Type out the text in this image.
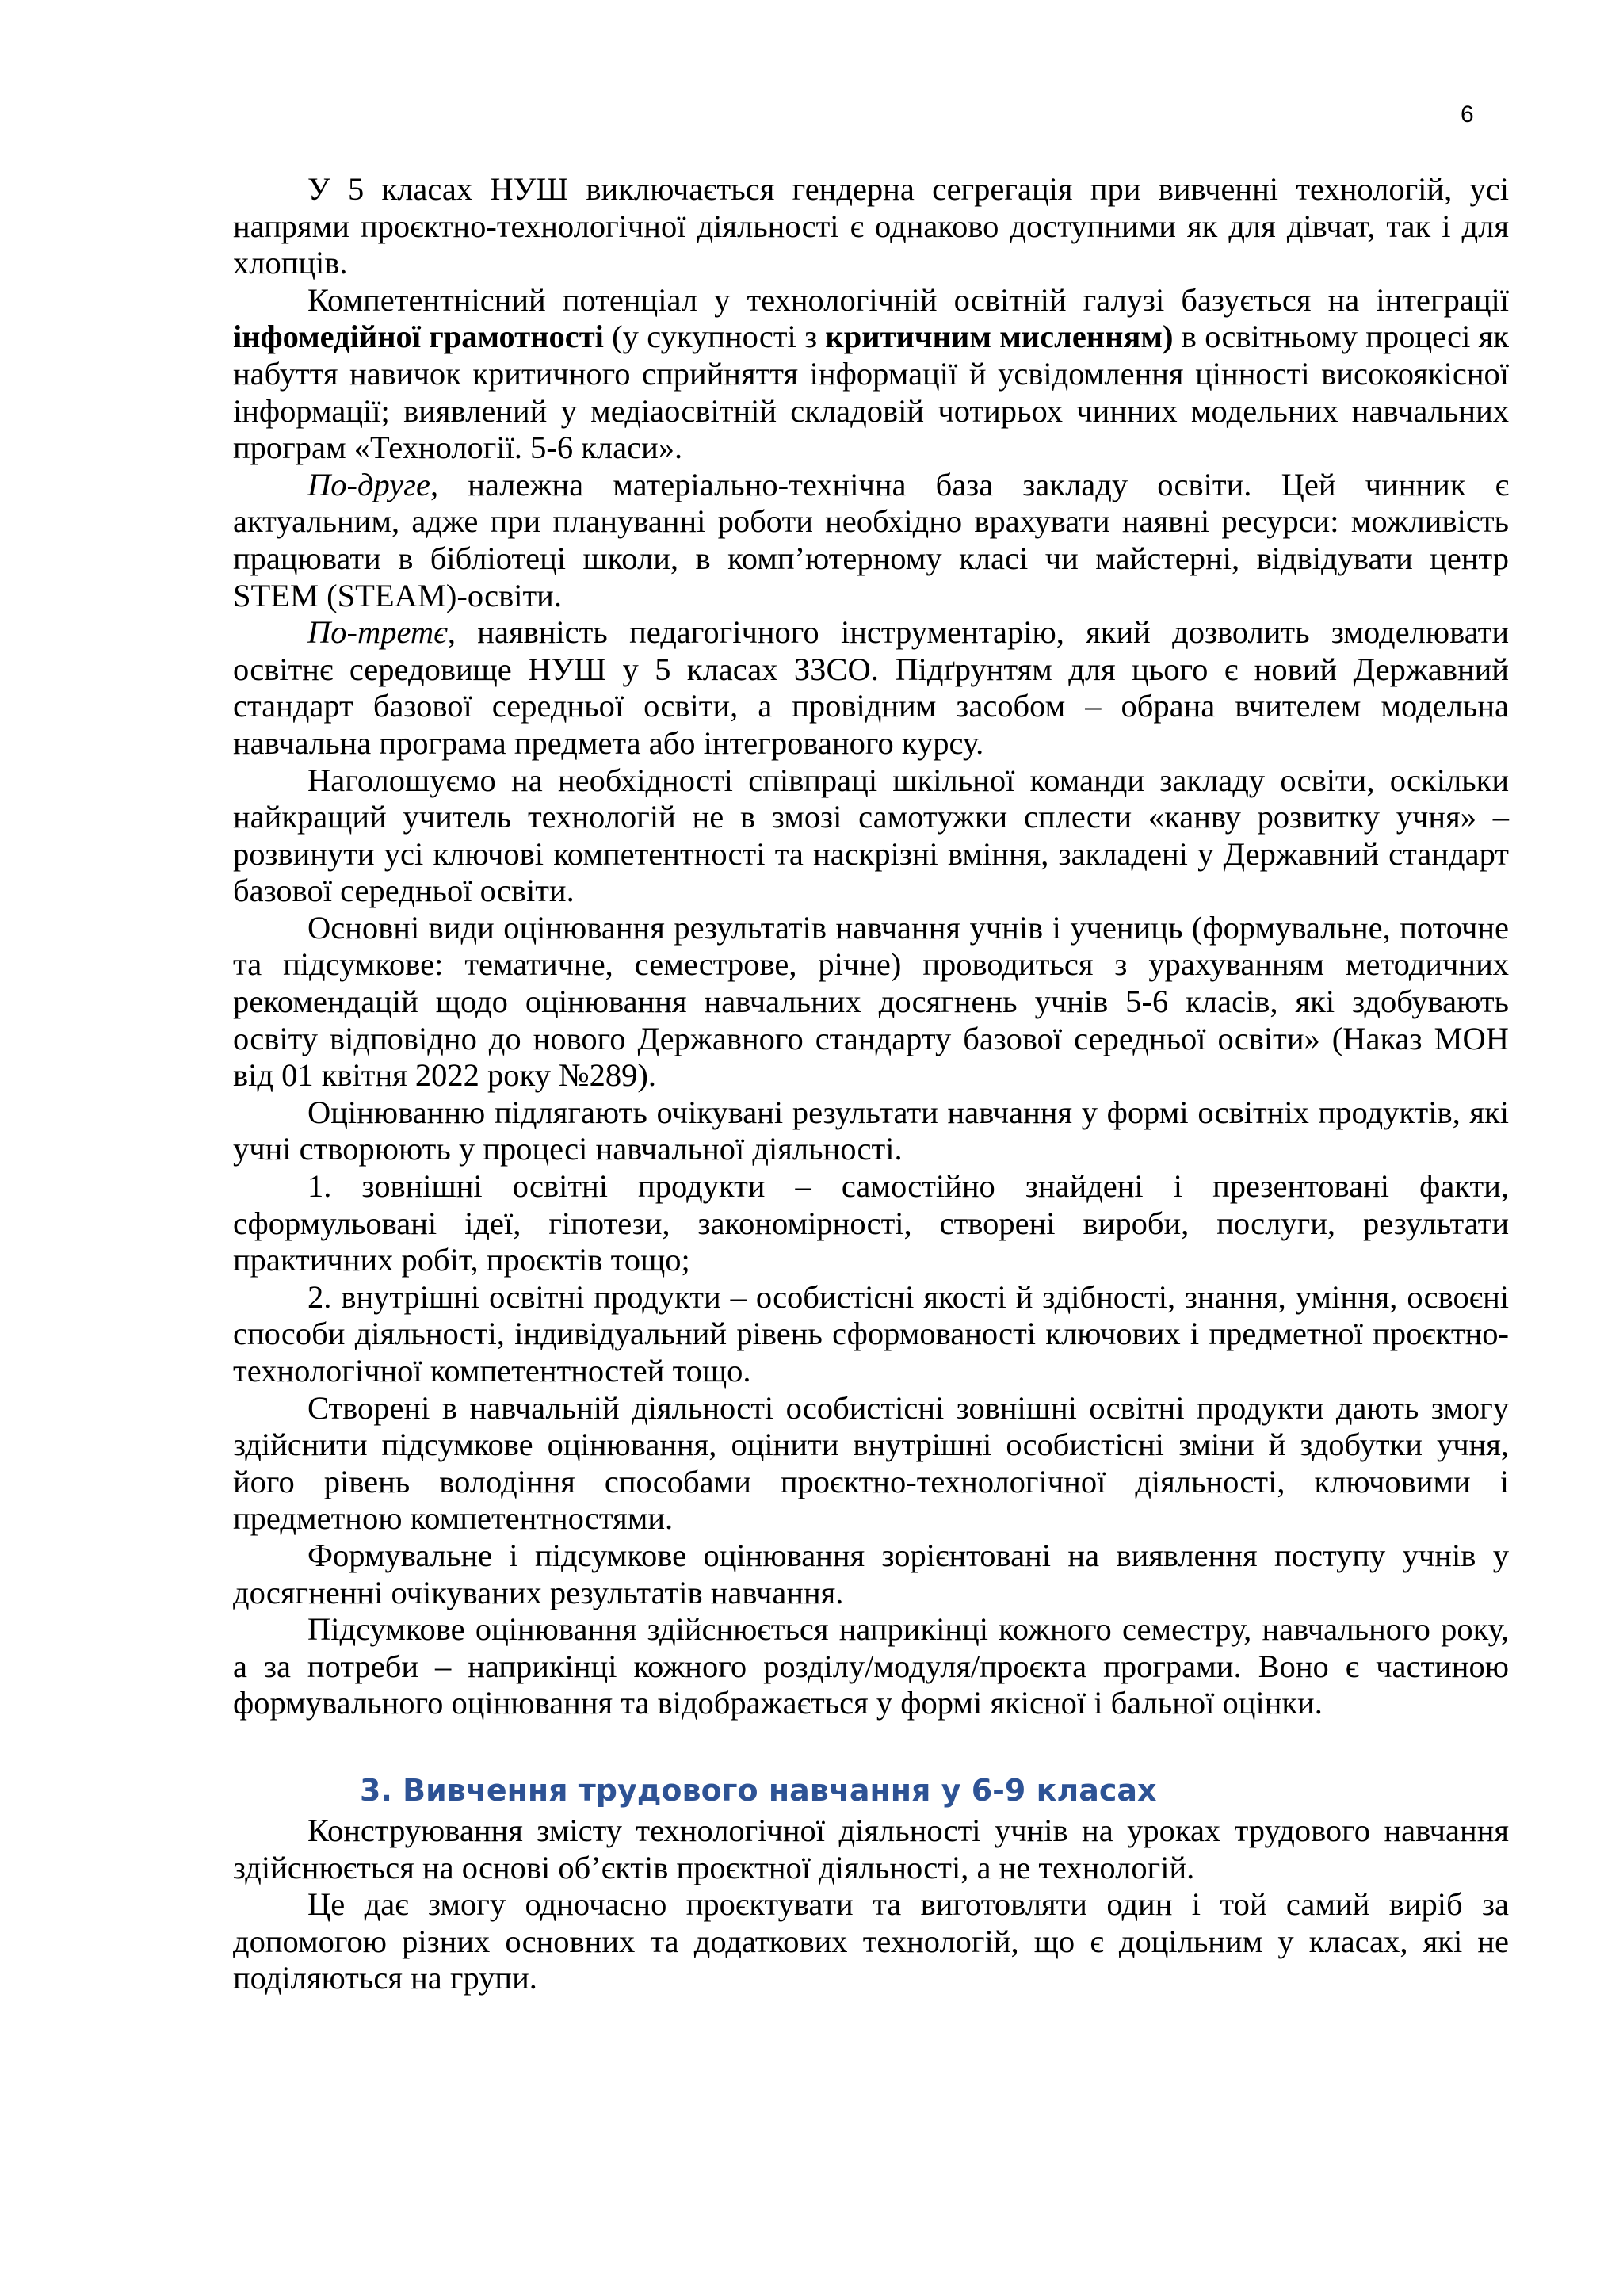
6

У 5 класах НУШ виключається гендерна сегрегація при вивченні технологій, усі напрями проєктно-технологічної діяльності є однаково доступними як для дівчат, так і для хлопців.

Компетентнісний потенціал у технологічній освітній галузі базується на інтеграції інфомедійної грамотності (у сукупності з критичним мисленням) в освітньому процесі як набуття навичок критичного сприйняття інформації й усвідомлення цінності високоякісної інформації; виявлений у медіаосвітній складовій чотирьох чинних модельних навчальних програм «Технології. 5-6 класи».

По-друге, належна матеріально-технічна база закладу освіти. Цей чинник є актуальним, адже при плануванні роботи необхідно врахувати наявні ресурси: можливість працювати в бібліотеці школи, в комп’ютерному класі чи майстерні, відвідувати центр STEM (STEAM)-освіти.

По-третє, наявність педагогічного інструментарію, який дозволить змоделювати освітнє середовище НУШ у 5 класах ЗЗСО. Підґрунтям для цього є новий Державний стандарт базової середньої освіти, а провідним засобом – обрана вчителем модельна навчальна програма предмета або інтегрованого курсу.

Наголошуємо на необхідності співпраці шкільної команди закладу освіти, оскільки найкращий учитель технологій не в змозі самотужки сплести «канву розвитку учня» – розвинути усі ключові компетентності та наскрізні вміння, закладені у Державний стандарт базової середньої освіти.

Основні види оцінювання результатів навчання учнів і учениць (формувальне, поточне та підсумкове: тематичне, семестрове, річне) проводиться з урахуванням методичних рекомендацій щодо оцінювання навчальних досягнень учнів 5-6 класів, які здобувають освіту відповідно до нового Державного стандарту базової середньої освіти» (Наказ МОН від 01 квітня 2022 року №289).

Оцінюванню підлягають очікувані результати навчання у формі освітніх продуктів, які учні створюють у процесі навчальної діяльності.

1. зовнішні освітні продукти – самостійно знайдені і презентовані факти, сформульовані ідеї, гіпотези, закономірності, створені вироби, послуги, результати практичних робіт, проєктів тощо;

2. внутрішні освітні продукти – особистісні якості й здібності, знання, уміння, освоєні способи діяльності, індивідуальний рівень сформованості ключових і предметної проєктно-технологічної компетентностей тощо.

Створені в навчальній діяльності особистісні зовнішні освітні продукти дають змогу здійснити підсумкове оцінювання, оцінити внутрішні особистісні зміни й здобутки учня, його рівень володіння способами проєктно-технологічної діяльності, ключовими і предметною компетентностями.

Формувальне і підсумкове оцінювання зорієнтовані на виявлення поступу учнів у досягненні очікуваних результатів навчання.

Підсумкове оцінювання здійснюється наприкінці кожного семестру, навчального року, а за потреби – наприкінці кожного розділу/модуля/проєкта програми. Воно є частиною формувального оцінювання та відображається у формі якісної і бальної оцінки.

3. Вивчення трудового навчання у 6-9 класах

Конструювання змісту технологічної діяльності учнів на уроках трудового навчання здійснюється на основі об’єктів проєктної діяльності, а не технологій.

Це дає змогу одночасно проєктувати та виготовляти один і той самий виріб за допомогою різних основних та додаткових технологій, що є доцільним у класах, які не поділяються на групи.
